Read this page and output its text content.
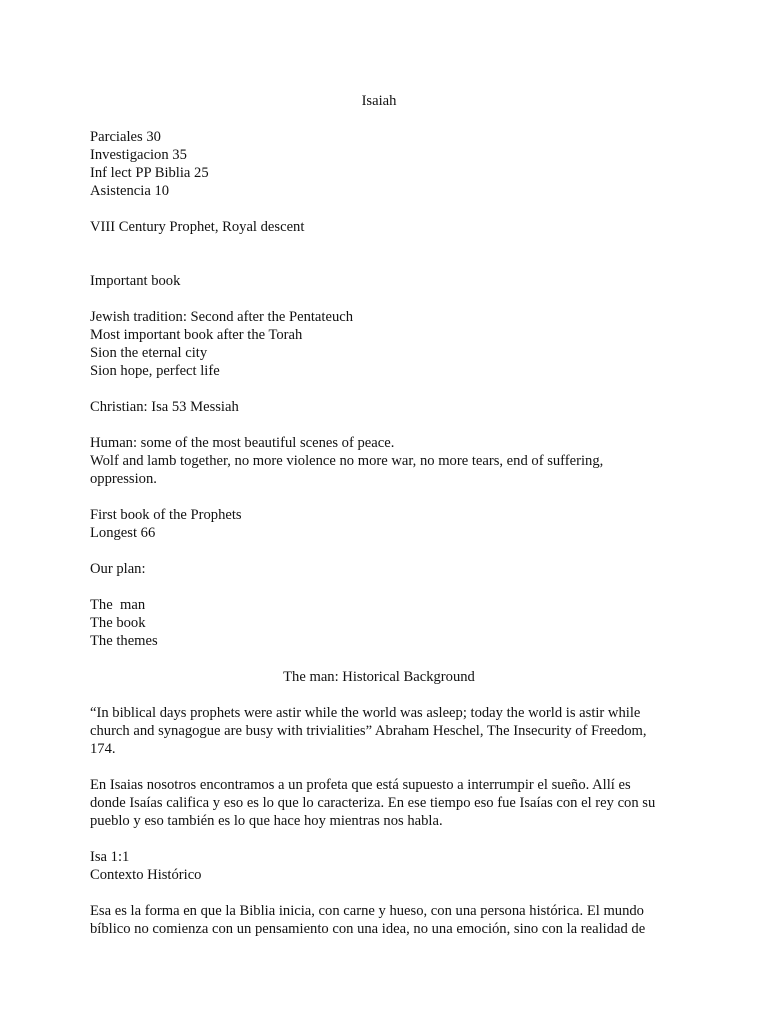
Isaiah

Parciales 30

Investigacion 35

Inf lect PP Biblia 25

Asistencia 10

VIII Century Prophet, Royal descent

Important book

Jewish tradition: Second after the Pentateuch

Most important book after the Torah

Sion the eternal city

Sion hope, perfect life

Christian: Isa 53 Messiah

Human: some of the most beautiful scenes of peace.

Wolf and lamb together, no more violence no more war, no more tears, end of suffering, oppression.

First book of the Prophets

Longest 66

Our plan:

The  man

The book

The themes

The man: Historical Background

“In biblical days prophets were astir while the world was asleep; today the world is astir while church and synagogue are busy with trivialities” Abraham Heschel, The Insecurity of Freedom, 174.

En Isaias nosotros encontramos a un profeta que está supuesto a interrumpir el sueño. Allí es donde Isaías califica y eso es lo que lo caracteriza. En ese tiempo eso fue Isaías con el rey con su pueblo y eso también es lo que hace hoy mientras nos habla.

Isa 1:1

Contexto Histórico

Esa es la forma en que la Biblia inicia, con carne y hueso, con una persona histórica. El mundo bíblico no comienza con un pensamiento con una idea, no una emoción, sino con la realidad de
